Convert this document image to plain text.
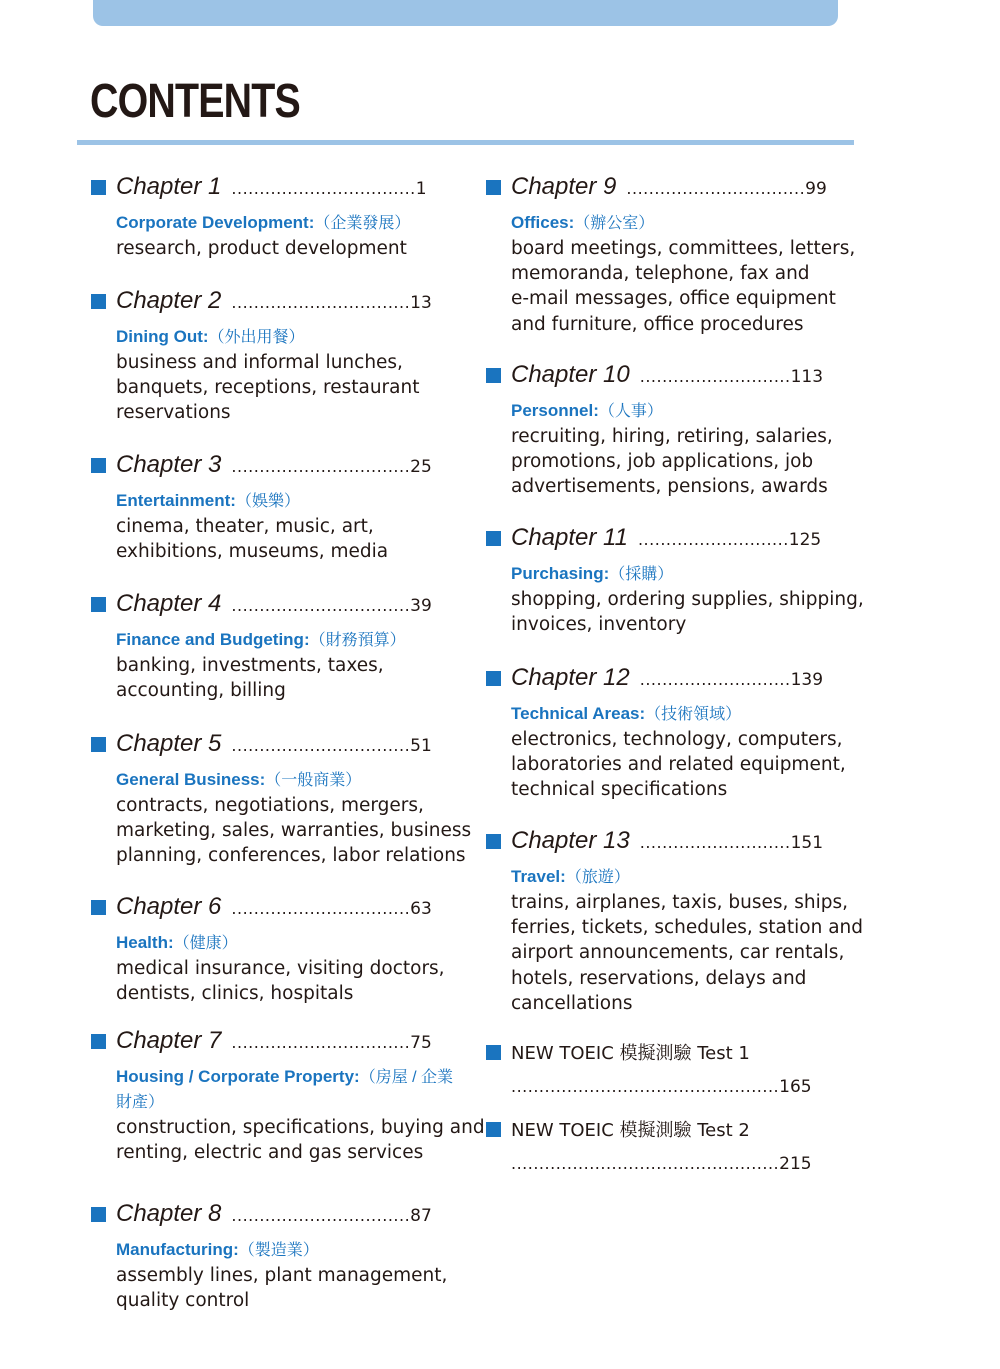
CONTENTS
Chapter 1 ................................. 1
Corporate Development:（企業發展）
research, product development
Chapter 2 ................................ 13
Dining Out:（外出用餐）
business and informal lunches,
banquets, receptions, restaurant
reservations
Chapter 3 ................................ 25
Entertainment:（娛樂）
cinema, theater, music, art,
exhibitions, museums, media
Chapter 4 ................................ 39
Finance and Budgeting:（財務預算）
banking, investments, taxes,
accounting, billing
Chapter 5 ................................ 51
General Business:（一般商業）
contracts, negotiations, mergers,
marketing, sales, warranties, business
planning, conferences, labor relations
Chapter 6 ................................ 63
Health:（健康）
medical insurance, visiting doctors,
dentists, clinics, hospitals
Chapter 7 ................................ 75
Housing / Corporate Property:（房屋 / 企業財產）
construction, specifications, buying and
renting, electric and gas services
Chapter 8 ................................ 87
Manufacturing:（製造業）
assembly lines, plant management,
quality control
Chapter 9 ................................ 99
Offices:（辦公室）
board meetings, committees, letters,
memoranda, telephone, fax and
e-mail messages, office equipment
and furniture, office procedures
Chapter 10 ........................... 113
Personnel:（人事）
recruiting, hiring, retiring, salaries,
promotions, job applications, job
advertisements, pensions, awards
Chapter 11 ........................... 125
Purchasing:（採購）
shopping, ordering supplies, shipping,
invoices, inventory
Chapter 12 ........................... 139
Technical Areas:（技術領域）
electronics, technology, computers,
laboratories and related equipment,
technical specifications
Chapter 13 ........................... 151
Travel:（旅遊）
trains, airplanes, taxis, buses, ships,
ferries, tickets, schedules, station and
airport announcements, car rentals,
hotels, reservations, delays and
cancellations
NEW TOEIC 模擬測驗 Test 1
................................................165
NEW TOEIC 模擬測驗 Test 2
................................................215
